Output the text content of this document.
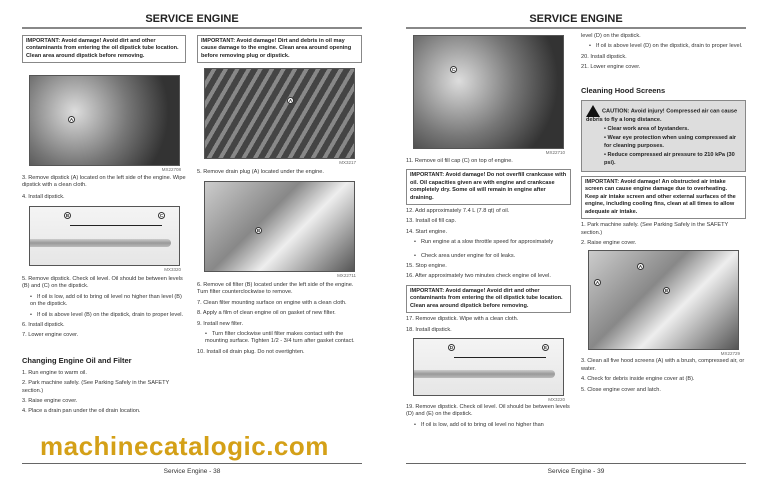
SERVICE ENGINE
IMPORTANT: Avoid damage! Avoid dirt and other contaminants from entering the oil dipstick tube location. Clean area around dipstick before removing.
A
MX22708

3. Remove dipstick (A) located on the left side of the engine. Wipe dipstick with a clean cloth.

4. Install dipstick.

B	C
MX3320

5. Remove dipstick. Check oil level. Oil should be between levels (B) and (C) on the dipstick.

• If oil is low, add oil to bring oil level no higher than level (B) on the dipstick.

• If oil is above level (B) on the dipstick, drain to proper level.

6. Install dipstick.

7. Lower engine cover.

Changing Engine Oil and Filter

1. Run engine to warm oil.

2. Park machine safely. (See Parking Safely in the SAFETY section.)

3. Raise engine cover.

4. Place a drain pan under the oil drain location.

IMPORTANT: Avoid damage! Dirt and debris in oil may cause damage to the engine. Clean area around opening before removing plug or dipstick.
A
MX3217

5. Remove drain plug (A) located under the engine.

B
MX22711

6. Remove oil filter (B) located under the left side of the engine. Turn filter counterclockwise to remove.

7. Clean filter mounting surface on engine with a clean cloth.

8. Apply a film of clean engine oil on gasket of new filter.

9. Install new filter.

• Turn filter clockwise until filter makes contact with the mounting surface. Tighten 1/2 - 3/4 turn after gasket contact.

10. Install oil drain plug. Do not overtighten.

machinecatalogic.com
Service Engine - 38
SERVICE ENGINE
C
MX22710

11. Remove oil fill cap (C) on top of engine.

IMPORTANT: Avoid damage! Do not overfill crankcase with oil. Oil capacities given are with engine and crankcase completely dry. Some oil will remain in engine after draining.

12. Add approximately 7.4 L (7.8 qt) of oil.

13. Install oil fill cap.

14. Start engine.

• Run engine at a slow throttle speed for approximately

• Check area under engine for oil leaks.

15. Stop engine.

16. After approximately two minutes check engine oil level.

IMPORTANT: Avoid damage! Avoid dirt and other contaminants from entering the oil dipstick tube location. Clean area around dipstick before removing.

17. Remove dipstick. Wipe with a clean cloth.

18. Install dipstick.

D	E
MX3220

19. Remove dipstick. Check oil level. Oil should be between levels (D) and (E) on the dipstick.

• If oil is low, add oil to bring oil level no higher than

level (D) on the dipstick.

• If oil is above level (D) on the dipstick, drain to proper level.

20. Install dipstick.

21. Lower engine cover.

Cleaning Hood Screens

CAUTION: Avoid injury! Compressed air can cause debris to fly a long distance.
• Clear work area of bystanders.
• Wear eye protection when using compressed air for cleaning purposes.
• Reduce compressed air pressure to 210 kPa (30 psi).
IMPORTANT: Avoid damage! An obstructed air intake screen can cause engine damage due to overheating. Keep air intake screen and other external surfaces of the engine, including cooling fins, clean at all times to allow adequate air intake.

1. Park machine safely. (See Parking Safely in the SAFETY section.)

2. Raise engine cover.

A
A
B
MX22729

3. Clean all five hood screens (A) with a brush, compressed air, or water.

4. Check for debris inside engine cover at (B).

5. Close engine cover and latch.

Service Engine - 39
